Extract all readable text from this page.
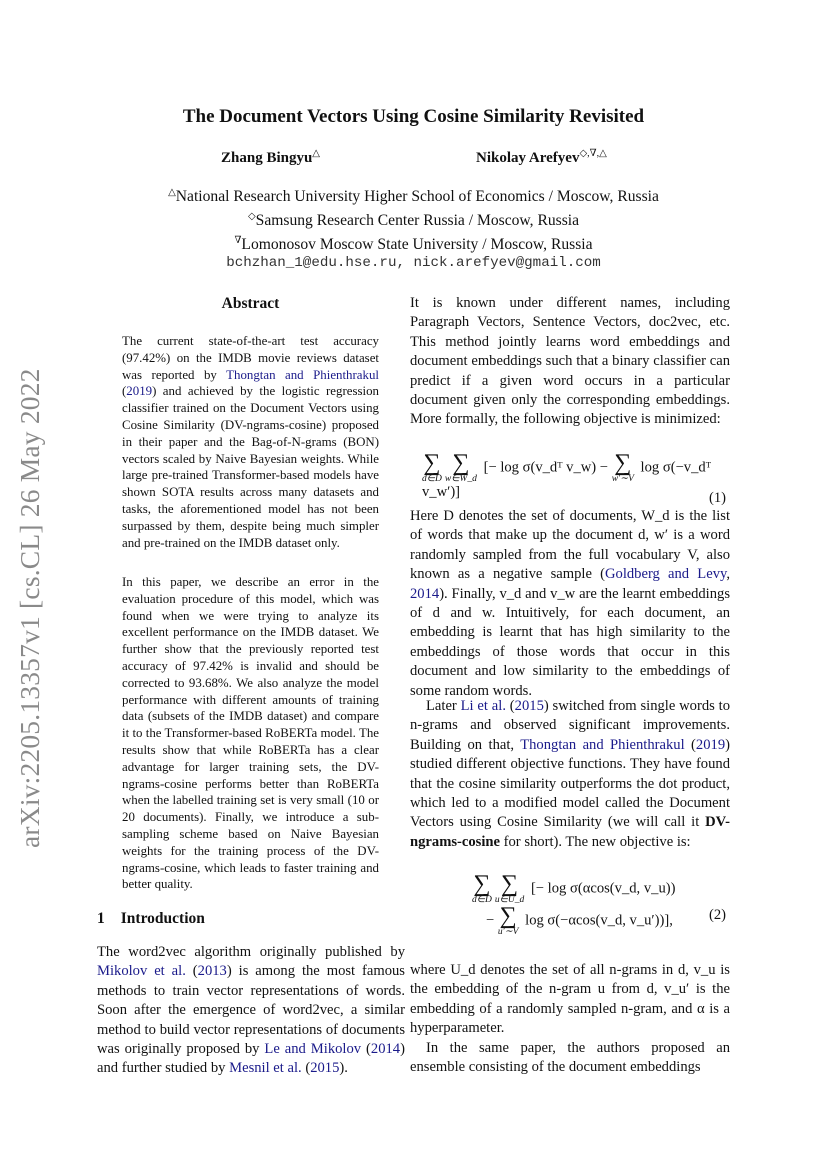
arXiv:2205.13357v1 [cs.CL] 26 May 2022
The Document Vectors Using Cosine Similarity Revisited
Zhang Bingyu△	Nikolay Arefyev◇,∇,△
△National Research University Higher School of Economics / Moscow, Russia
◇Samsung Research Center Russia / Moscow, Russia
∇Lomonosov Moscow State University / Moscow, Russia
bchzhan_1@edu.hse.ru, nick.arefyev@gmail.com
Abstract
The current state-of-the-art test accuracy (97.42%) on the IMDB movie reviews dataset was reported by Thongtan and Phienthrakul (2019) and achieved by the logistic regression classifier trained on the Document Vectors using Cosine Similarity (DV-ngrams-cosine) proposed in their paper and the Bag-of-N-grams (BON) vectors scaled by Naive Bayesian weights. While large pre-trained Transformer-based models have shown SOTA results across many datasets and tasks, the aforementioned model has not been surpassed by them, despite being much simpler and pre-trained on the IMDB dataset only.
In this paper, we describe an error in the evaluation procedure of this model, which was found when we were trying to analyze its excellent performance on the IMDB dataset. We further show that the previously reported test accuracy of 97.42% is invalid and should be corrected to 93.68%. We also analyze the model performance with different amounts of training data (subsets of the IMDB dataset) and compare it to the Transformer-based RoBERTa model. The results show that while RoBERTa has a clear advantage for larger training sets, the DV-ngrams-cosine performs better than RoBERTa when the labelled training set is very small (10 or 20 documents). Finally, we introduce a sub-sampling scheme based on Naive Bayesian weights for the training process of the DV-ngrams-cosine, which leads to faster training and better quality.
1 Introduction
The word2vec algorithm originally published by Mikolov et al. (2013) is among the most famous methods to train vector representations of words. Soon after the emergence of word2vec, a similar method to build vector representations of documents was originally proposed by Le and Mikolov (2014) and further studied by Mesnil et al. (2015).
It is known under different names, including Paragraph Vectors, Sentence Vectors, doc2vec, etc. This method jointly learns word embeddings and document embeddings such that a binary classifier can predict if a given word occurs in a particular document given only the corresponding embeddings. More formally, the following objective is minimized:
∑
d∈D
∑
w∈W_d
[− log σ(v_dᵀ v_w) − ∑
w′∼V
log σ(−v_dᵀ v_w′)]	(1)
Here D denotes the set of documents, W_d is the list of words that make up the document d, w′ is a word randomly sampled from the full vocabulary V, also known as a negative sample (Goldberg and Levy, 2014). Finally, v_d and v_w are the learnt embeddings of d and w. Intuitively, for each document, an embedding is learnt that has high similarity to the embeddings of those words that occur in this document and low similarity to the embeddings of some random words.
Later Li et al. (2015) switched from single words to n-grams and observed significant improvements. Building on that, Thongtan and Phienthrakul (2019) studied different objective functions. They have found that the cosine similarity outperforms the dot product, which led to a modified model called the Document Vectors using Cosine Similarity (we will call it DV-ngrams-cosine for short). The new objective is:
∑
d∈D
∑
u∈U_d
[− log σ(αcos(v_d, v_u))
− ∑
u′∼V
log σ(−αcos(v_d, v_u′))],	(2)
where U_d denotes the set of all n-grams in d, v_u is the embedding of the n-gram u from d, v_u′ is the embedding of a randomly sampled n-gram, and α is a hyperparameter.
In the same paper, the authors proposed an ensemble consisting of the document embeddings
